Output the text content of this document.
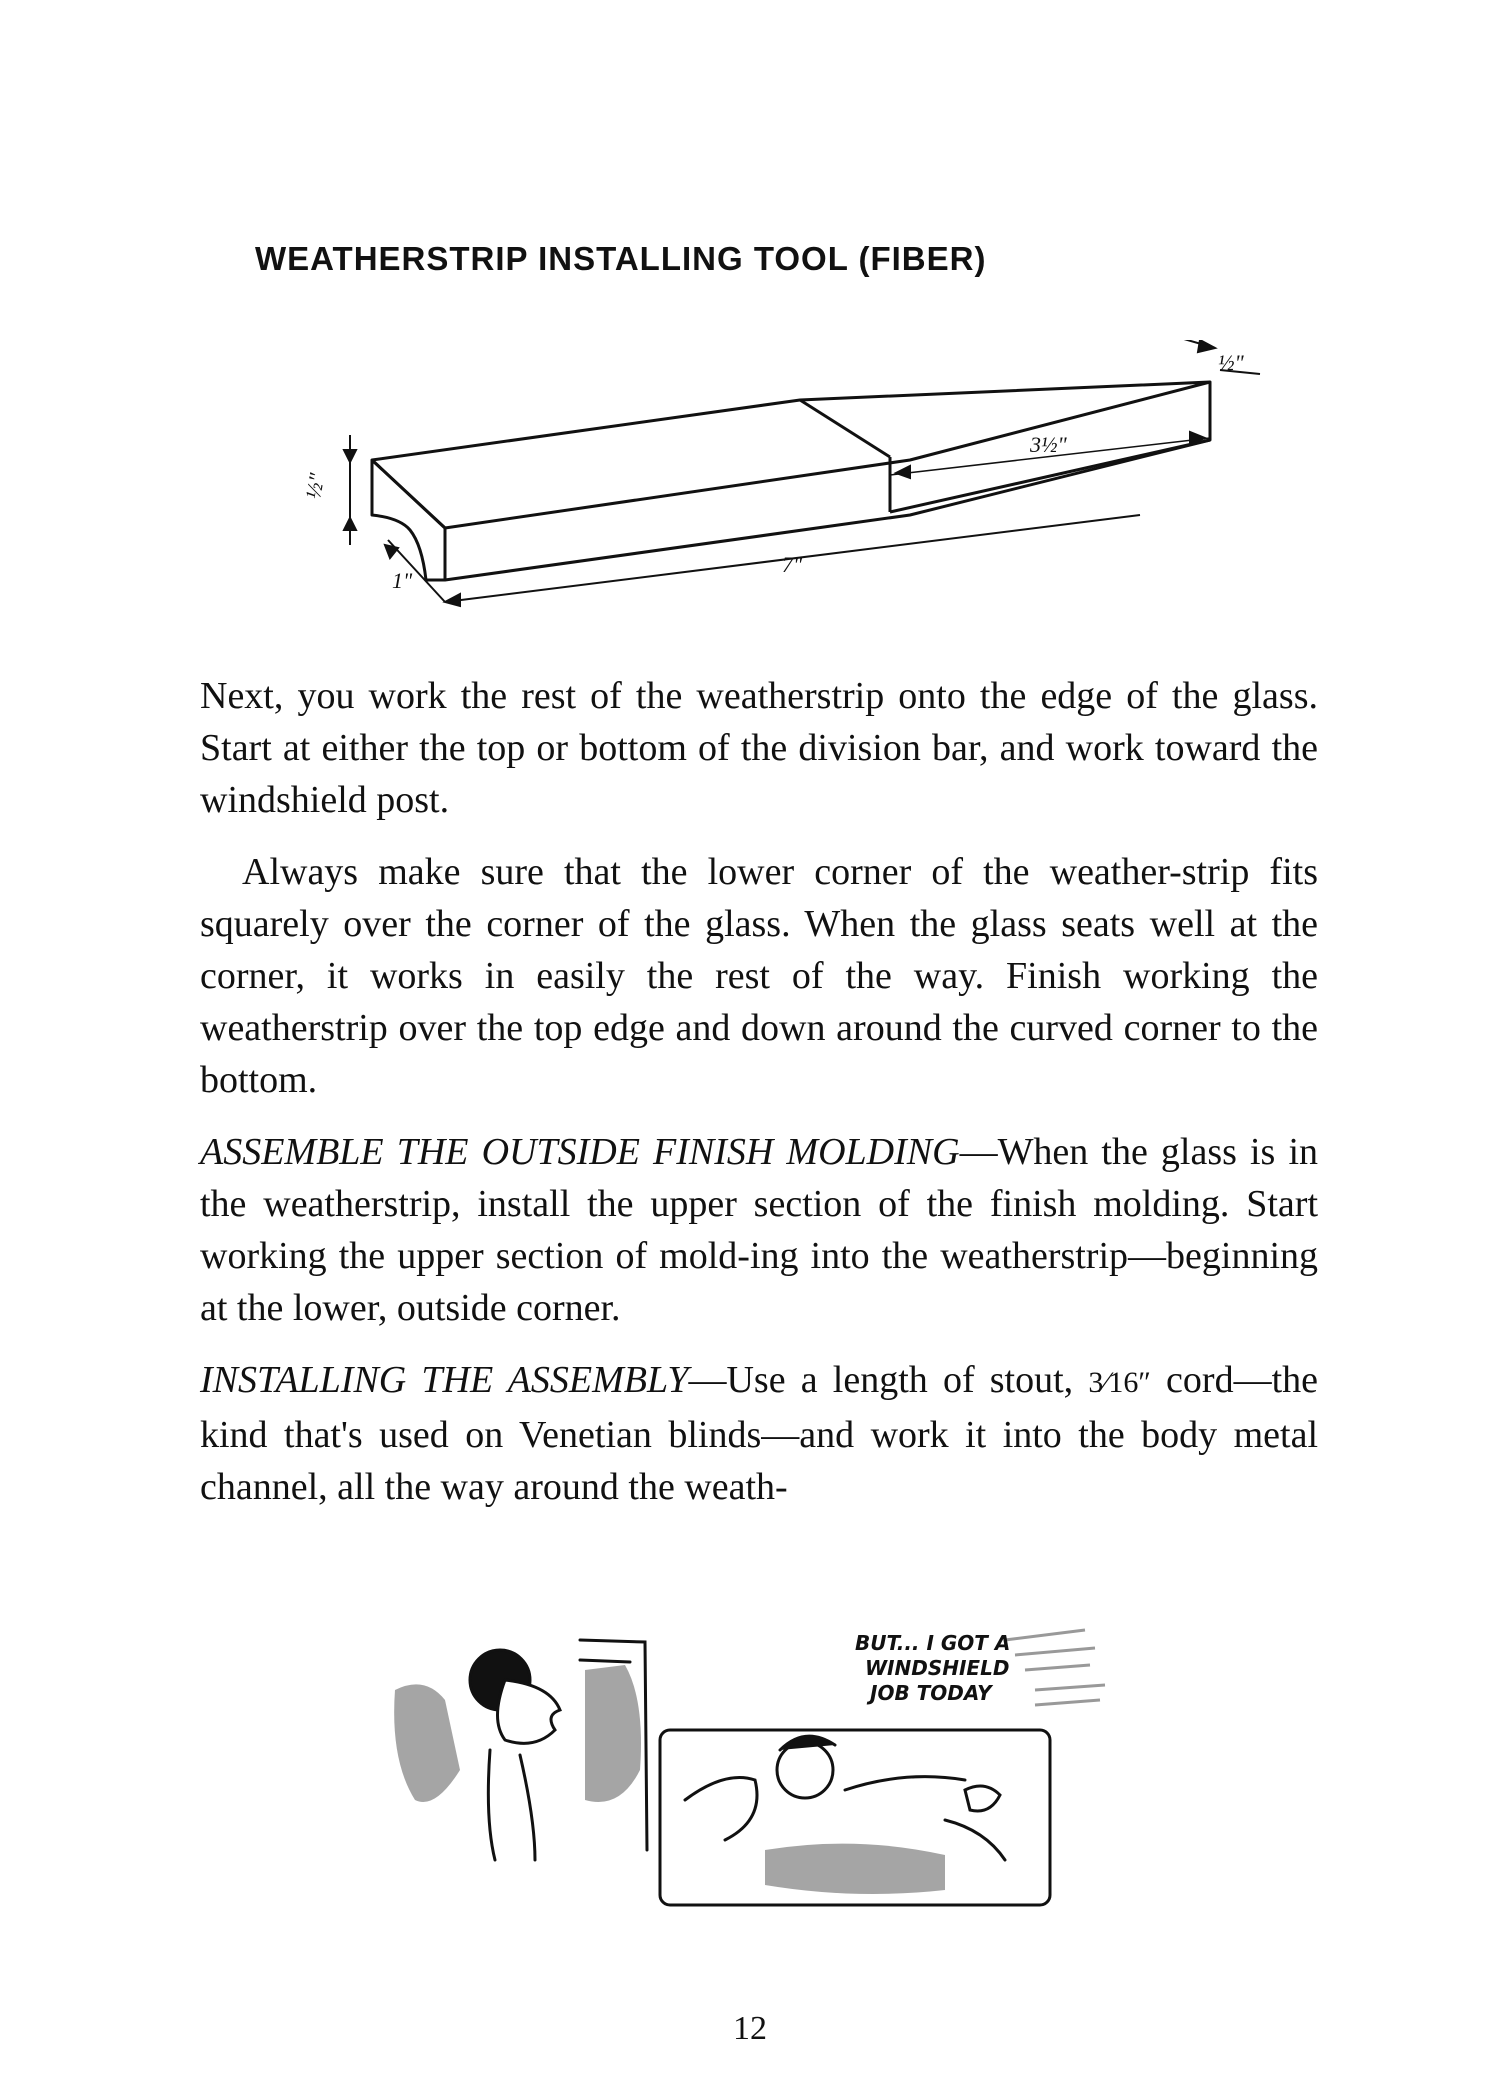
WEATHERSTRIP INSTALLING TOOL (FIBER)
½"
1"
7"
3½"
½"

Next, you work the rest of the weatherstrip onto the edge of the glass. Start at either the top or bottom of the division bar, and work toward the windshield post.

Always make sure that the lower corner of the weather-strip fits squarely over the corner of the glass. When the glass seats well at the corner, it works in easily the rest of the way. Finish working the weatherstrip over the top edge and down around the curved corner to the bottom.

ASSEMBLE THE OUTSIDE FINISH MOLDING—When the glass is in the weatherstrip, install the upper section of the finish molding. Start working the upper section of mold-ing into the weatherstrip—beginning at the lower, outside corner.

INSTALLING THE ASSEMBLY—Use a length of stout, 3⁄16″ cord—the kind that's used on Venetian blinds—and work it into the body metal channel, all the way around the weath-

BUT... I GOT A
WINDSHIELD
JOB TODAY
12
